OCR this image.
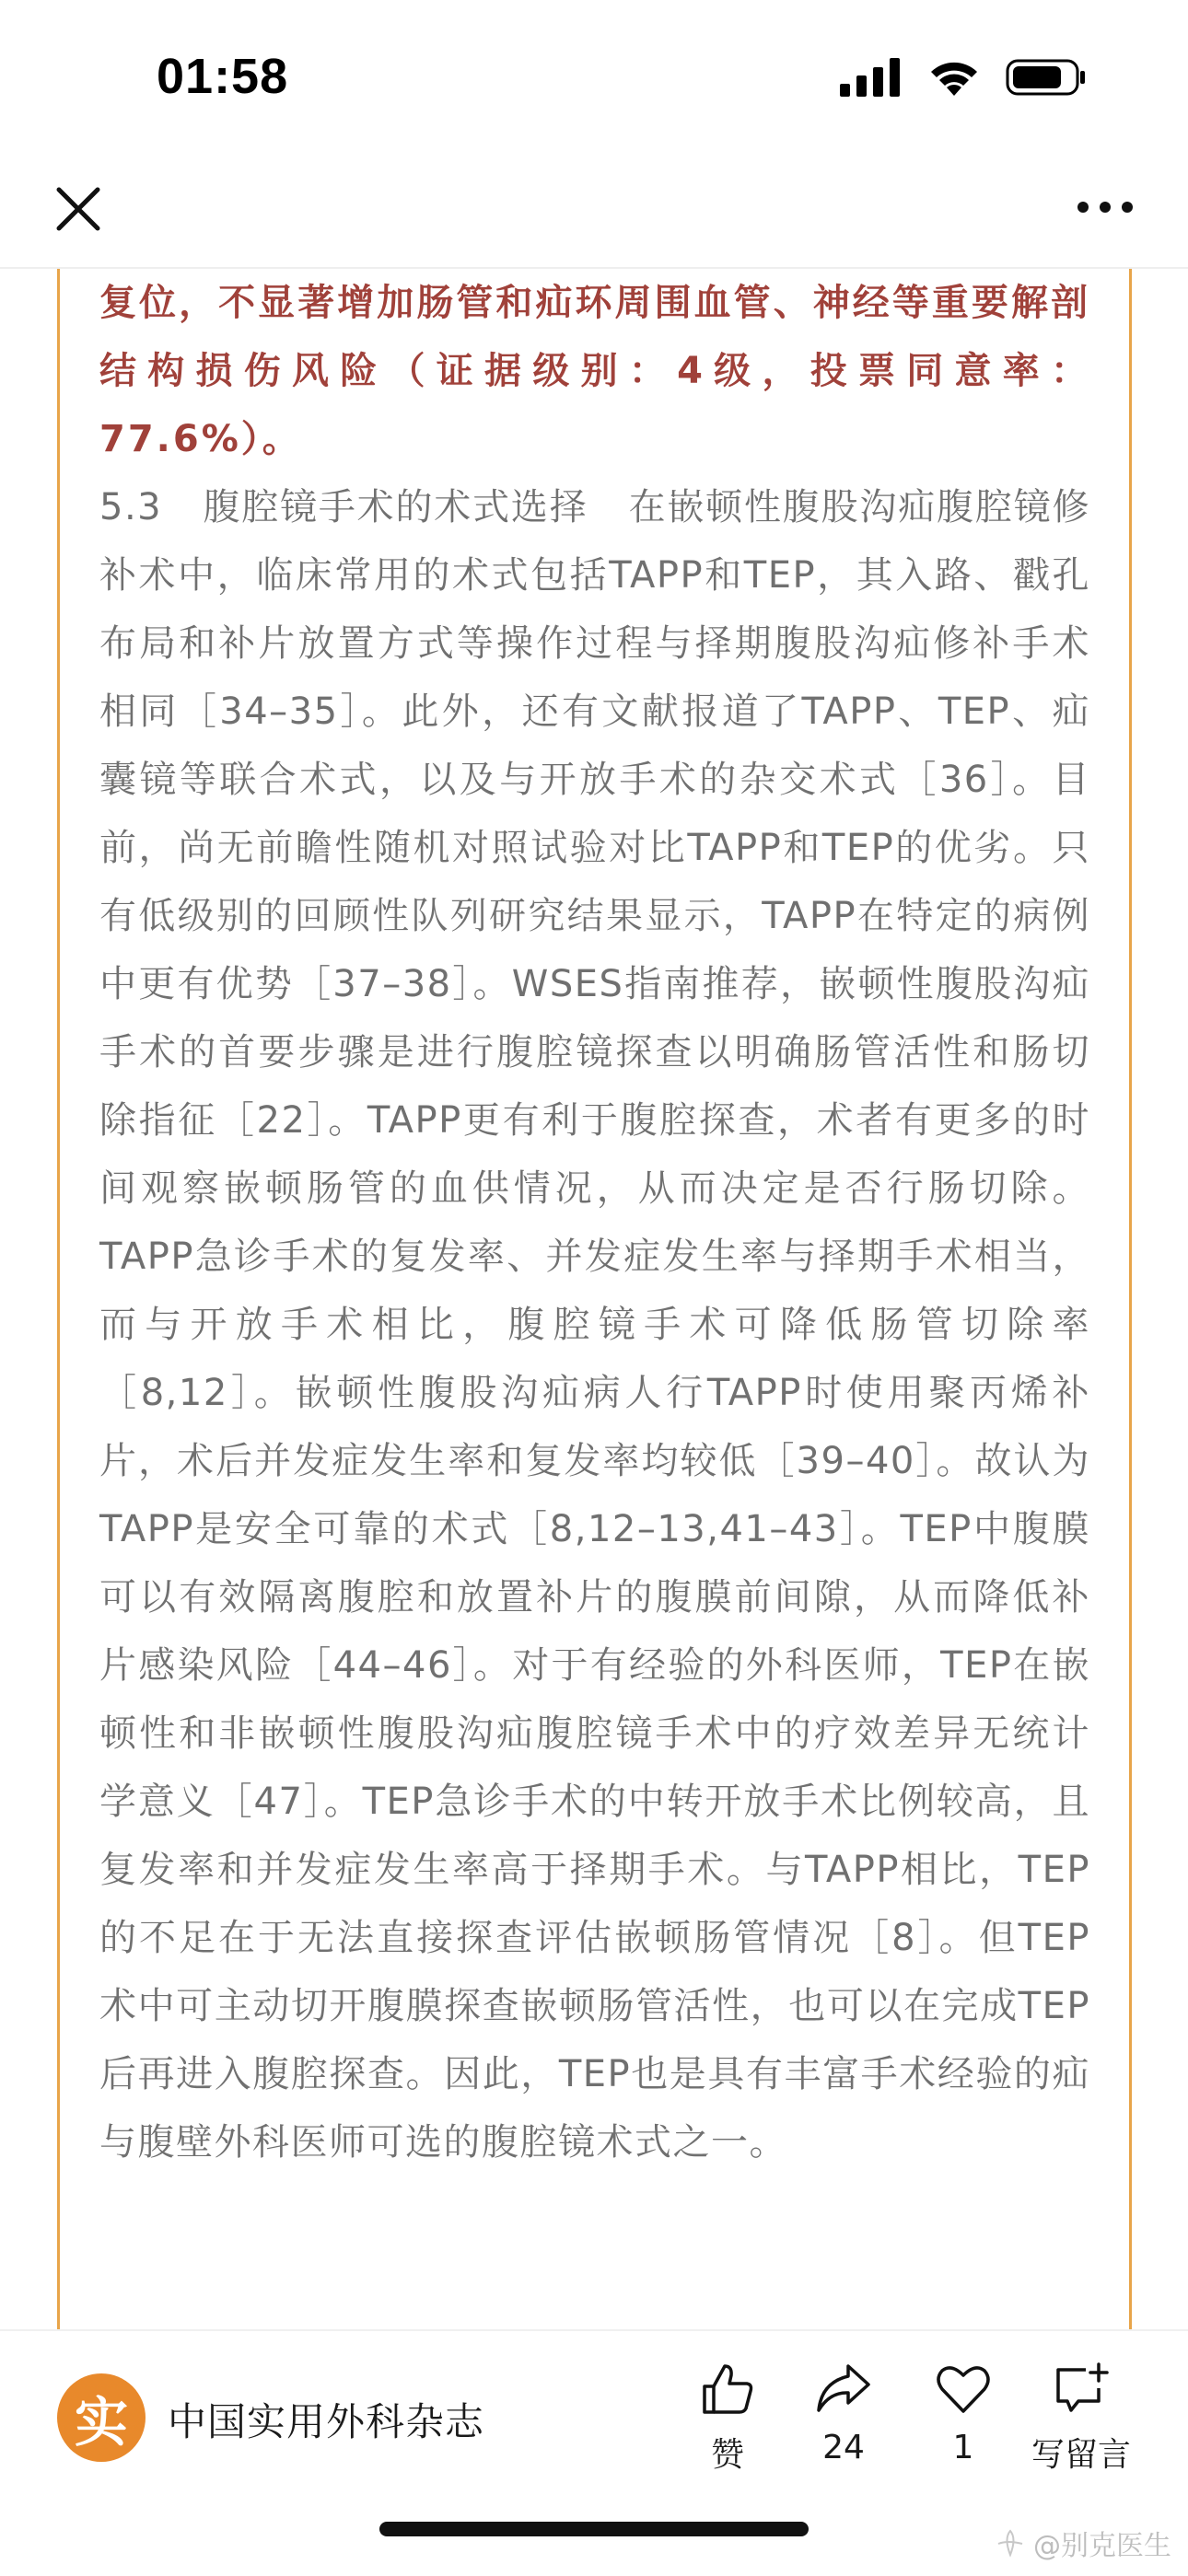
01:58

复位，不显著增加肠管和疝环周围血管、神经等重要解剖结构损伤风险（证据级别：4级，投票同意率：77.6%）。

5.3 腹腔镜手术的术式选择 在嵌顿性腹股沟疝腹腔镜修补术中，临床常用的术式包括TAPP和TEP，其入路、戳孔布局和补片放置方式等操作过程与择期腹股沟疝修补手术相同［34–35］。此外，还有文献报道了TAPP、TEP、疝囊镜等联合术式，以及与开放手术的杂交术式［36］。目前，尚无前瞻性随机对照试验对比TAPP和TEP的优劣。只有低级别的回顾性队列研究结果显示，TAPP在特定的病例中更有优势［37–38］。WSES指南推荐，嵌顿性腹股沟疝手术的首要步骤是进行腹腔镜探查以明确肠管活性和肠切除指征［22］。TAPP更有利于腹腔探查，术者有更多的时间观察嵌顿肠管的血供情况，从而决定是否行肠切除。TAPP急诊手术的复发率、并发症发生率与择期手术相当，而与开放手术相比，腹腔镜手术可降低肠管切除率［8,12］。嵌顿性腹股沟疝病人行TAPP时使用聚丙烯补片，术后并发症发生率和复发率均较低［39–40］。故认为TAPP是安全可靠的术式［8,12–13,41–43］。TEP中腹膜可以有效隔离腹腔和放置补片的腹膜前间隙，从而降低补片感染风险［44–46］。对于有经验的外科医师，TEP在嵌顿性和非嵌顿性腹股沟疝腹腔镜手术中的疗效差异无统计学意义［47］。TEP急诊手术的中转开放手术比例较高，且复发率和并发症发生率高于择期手术。与TAPP相比，TEP的不足在于无法直接探查评估嵌顿肠管情况［8］。但TEP术中可主动切开腹膜探查嵌顿肠管活性，也可以在完成TEP后再进入腹腔探查。因此，TEP也是具有丰富手术经验的疝与腹壁外科医师可选的腹腔镜术式之一。

实 中国实用外科杂志
赞 24	1 写留言
@别克医生
